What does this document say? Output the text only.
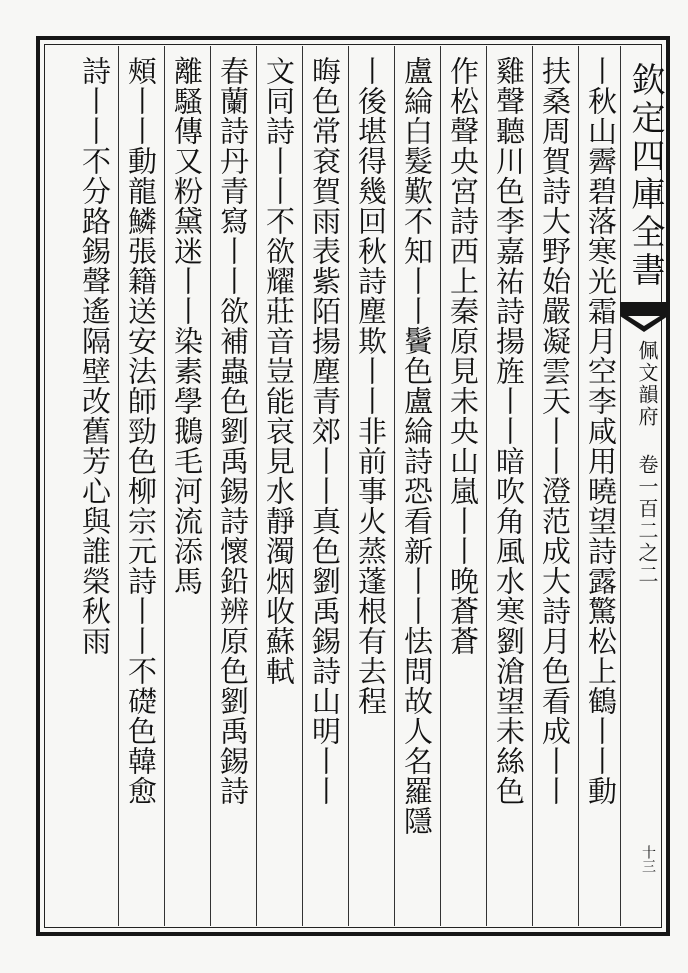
欽定四庫全書
佩文韻府 卷一百二之二
十三
丨秋山霽碧落寒光霜月空李咸用曉望詩露驚松上鶴丨丨動
扶桑周賀詩大野始嚴凝雲天丨丨澄范成大詩月色看成丨丨
雞聲聽川色李嘉祐詩揚旌丨丨暗吹角風水寒劉滄望未絲色
作松聲央宮詩西上秦原見未央山嵐丨丨晚蒼蒼
盧綸白髮歎不知丨丨鬢色盧綸詩恐看新丨丨怯問故人名羅隱
丨後堪得幾回秋詩塵欺丨丨非前事火蒸蓬根有去程
晦色常袞賀雨表紫陌揚塵青郊丨丨真色劉禹錫詩山明丨丨
文同詩丨丨不欲耀莊音豈能哀見水靜濁烟收蘇軾
春蘭詩丹青寫丨丨欲補蟲色劉禹錫詩懷鉛辨原色劉禹錫詩
離騷傳又粉黛迷丨丨染素學鵝毛河流添馬
頰丨丨動龍鱗張籍送安法師勁色柳宗元詩丨丨不礎色韓愈
詩丨丨不分路錫聲遙隔壁改舊芳心與誰榮秋雨
